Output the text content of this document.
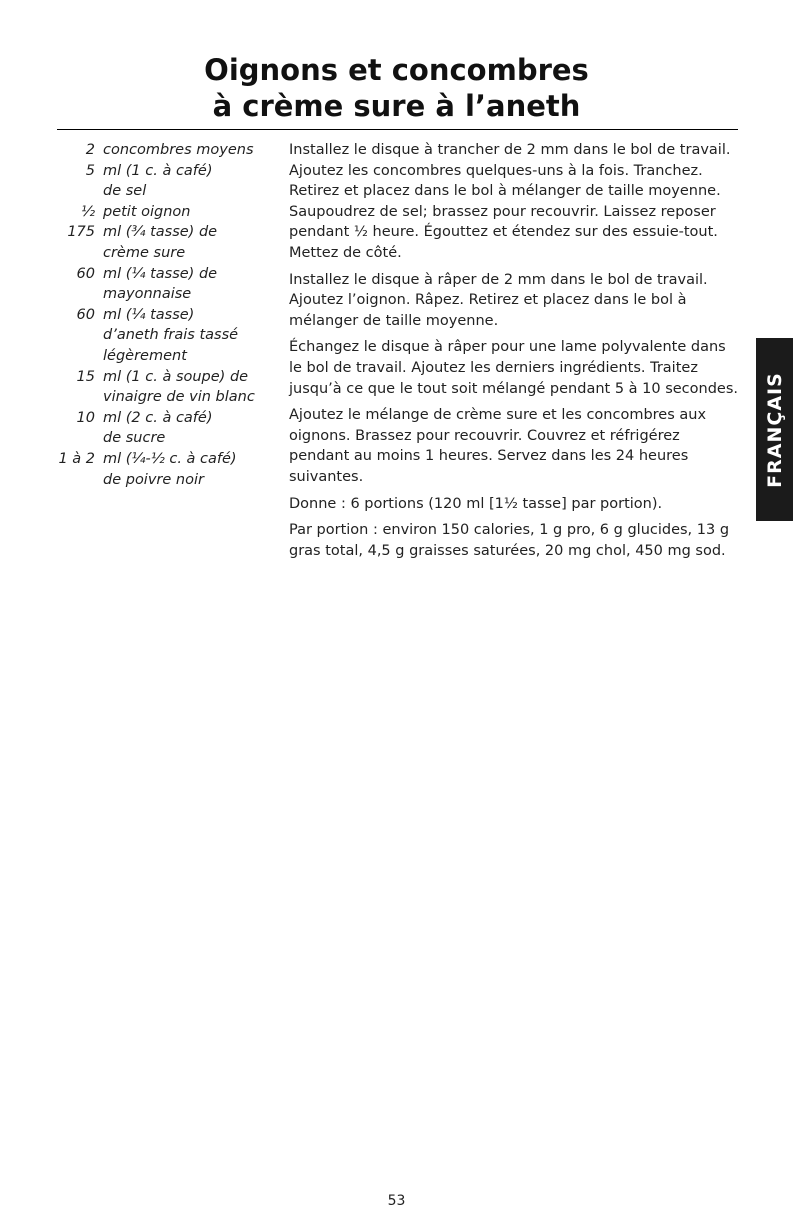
Oignons et concombres
à crème sure à l’aneth
2 concombres moyens
5 ml (1 c. à café)
de sel
½ petit oignon
175 ml (¾ tasse) de
crème sure
60 ml (¼ tasse) de
mayonnaise
60 ml (¼ tasse)
d’aneth frais tassé
légèrement
15 ml (1 c. à soupe) de
vinaigre de vin blanc
10 ml (2 c. à café)
de sucre
1 à 2 ml (¼-½ c. à café)
de poivre noir

Installez le disque à trancher de 2 mm dans le bol de travail. Ajoutez les concombres quelques-uns à la fois. Tranchez. Retirez et placez dans le bol à mélanger de taille moyenne. Saupoudrez de sel; brassez pour recouvrir. Laissez reposer pendant ½ heure. Égouttez et étendez sur des essuie-tout. Mettez de côté.

Installez le disque à râper de 2 mm dans le bol de travail. Ajoutez l’oignon. Râpez. Retirez et placez dans le bol à mélanger de taille moyenne.

Échangez le disque à râper pour une lame polyvalente dans le bol de travail. Ajoutez les derniers ingrédients. Traitez jusqu’à ce que le tout soit mélangé pendant 5 à 10 secondes.

Ajoutez le mélange de crème sure et les concombres aux oignons. Brassez pour recouvrir. Couvrez et réfrigérez pendant au moins 1 heures. Servez dans les 24 heures suivantes.

Donne : 6 portions (120 ml [1½ tasse] par portion).

Par portion : environ 150 calories, 1 g pro, 6 g glucides, 13 g gras total, 4,5 g graisses saturées, 20 mg chol, 450 mg sod.

FRANÇAIS
53
